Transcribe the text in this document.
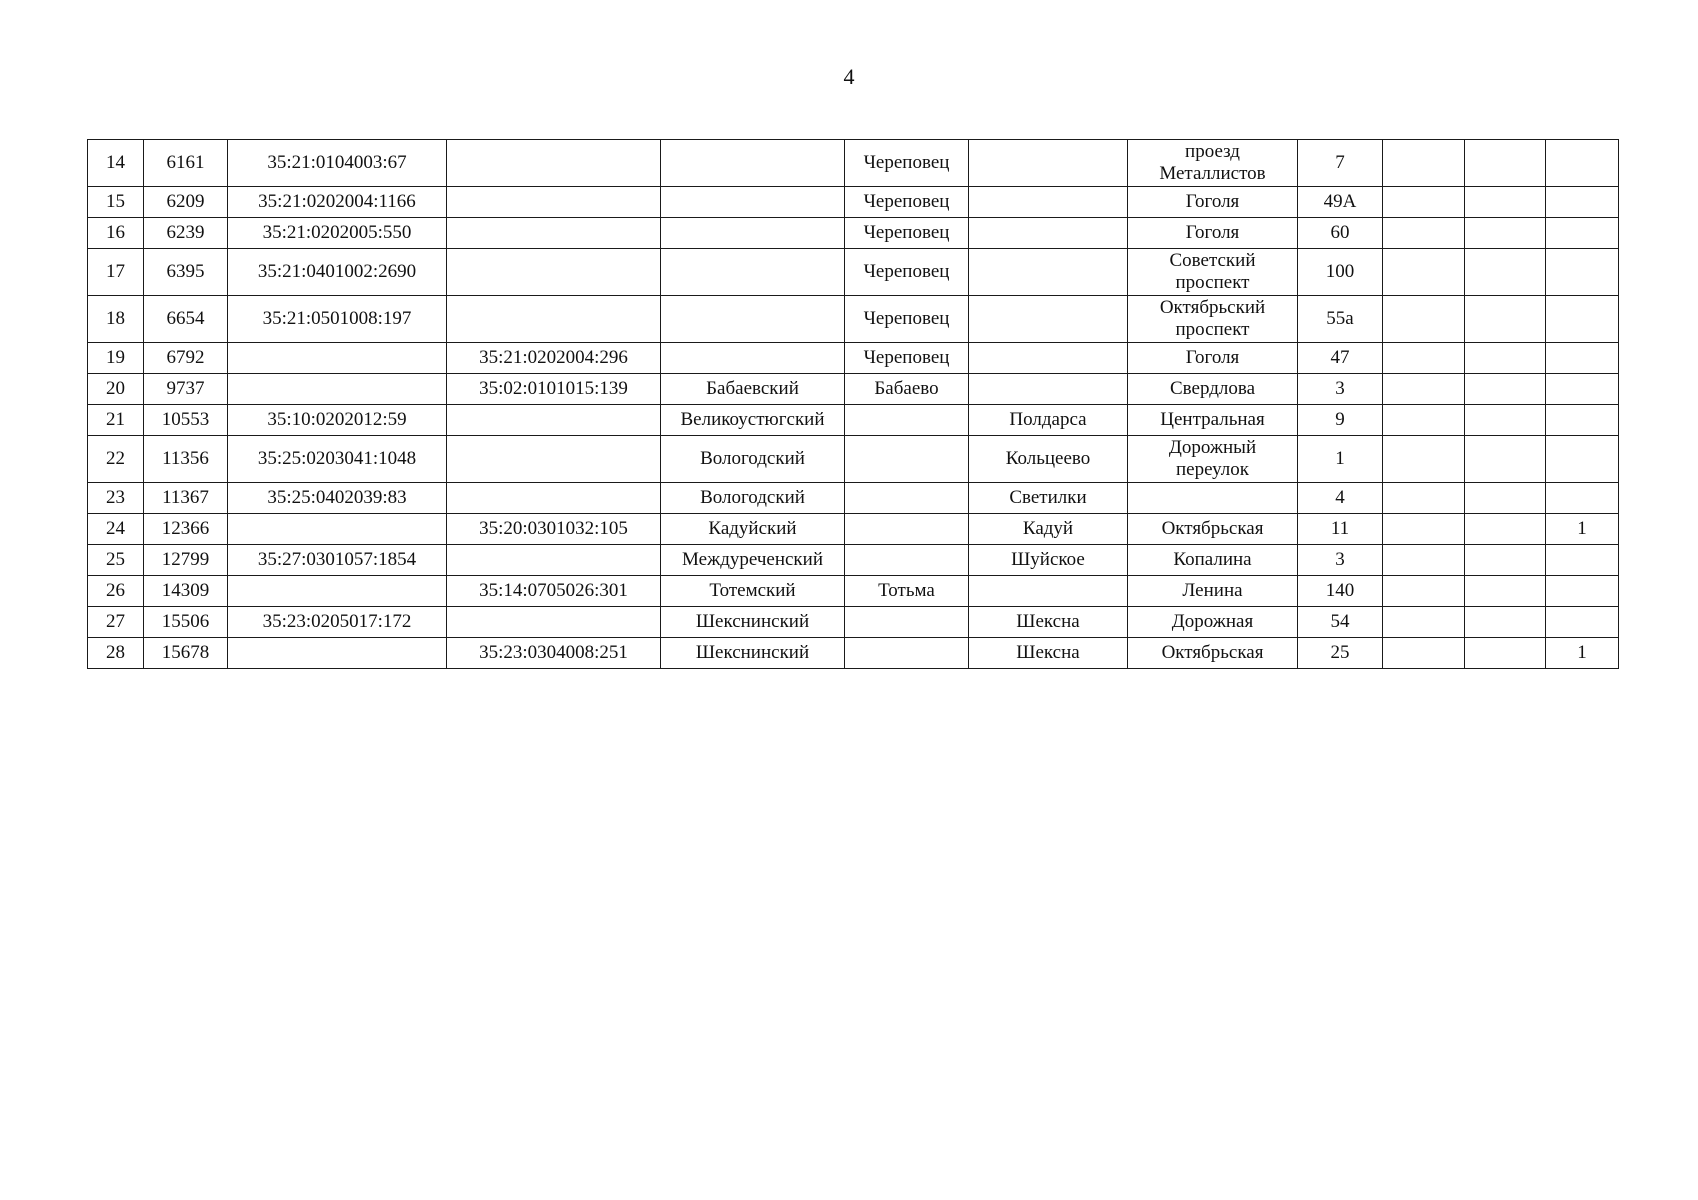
4
14	6161	35:21:0104003:67			Череповец		проезд Металлистов	7			
15	6209	35:21:0202004:1166			Череповец		Гоголя	49А			
16	6239	35:21:0202005:550			Череповец		Гоголя	60			
17	6395	35:21:0401002:2690			Череповец		Советский проспект	100			
18	6654	35:21:0501008:197			Череповец		Октябрьский проспект	55а			
19	6792		35:21:0202004:296		Череповец		Гоголя	47			
20	9737		35:02:0101015:139	Бабаевский	Бабаево		Свердлова	3			
21	10553	35:10:0202012:59		Великоустюгский		Полдарса	Центральная	9			
22	11356	35:25:0203041:1048		Вологодский		Кольцеево	Дорожный переулок	1			
23	11367	35:25:0402039:83		Вологодский		Светилки		4			
24	12366		35:20:0301032:105	Кадуйский		Кадуй	Октябрьская	11			1
25	12799	35:27:0301057:1854		Междуреченский		Шуйское	Копалина	3			
26	14309		35:14:0705026:301	Тотемский	Тотьма		Ленина	140			
27	15506	35:23:0205017:172		Шекснинский		Шексна	Дорожная	54			
28	15678		35:23:0304008:251	Шекснинский		Шексна	Октябрьская	25			1
